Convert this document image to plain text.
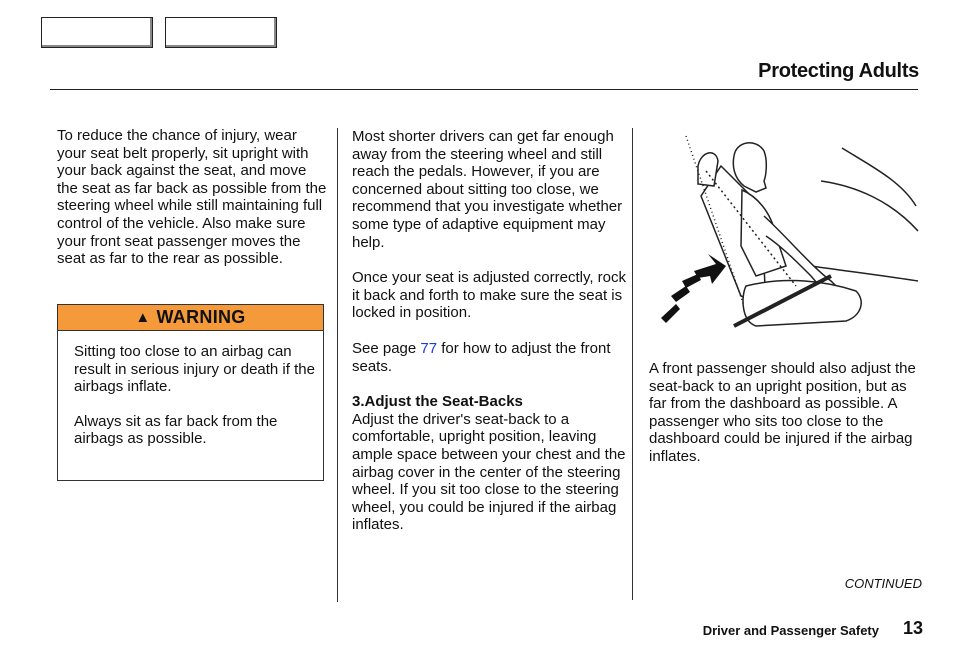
Protecting Adults

To reduce the chance of injury, wear your seat belt properly, sit upright with your back against the seat, and move the seat as far back as possible from the steering wheel while still maintaining full control of the vehicle. Also make sure your front seat passenger moves the seat as far to the rear as possible.

▲ WARNING

Sitting too close to an airbag can result in serious injury or death if the airbags inflate.

Always sit as far back from the airbags as possible.

Most shorter drivers can get far enough away from the steering wheel and still reach the pedals. However, if you are concerned about sitting too close, we recommend that you investigate whether some type of adaptive equipment may help.

Once your seat is adjusted correctly, rock it back and forth to make sure the seat is locked in position.

See page 77 for how to adjust the front seats.

3.Adjust the Seat-Backs

Adjust the driver's seat-back to a comfortable, upright position, leaving ample space between your chest and the airbag cover in the center of the steering wheel. If you sit too close to the steering wheel, you could be injured if the airbag inflates.

A front passenger should also adjust the seat-back to an upright position, but as far from the dashboard as possible. A passenger who sits too close to the dashboard could be injured if the airbag inflates.

CONTINUED
Driver and Passenger Safety 13
